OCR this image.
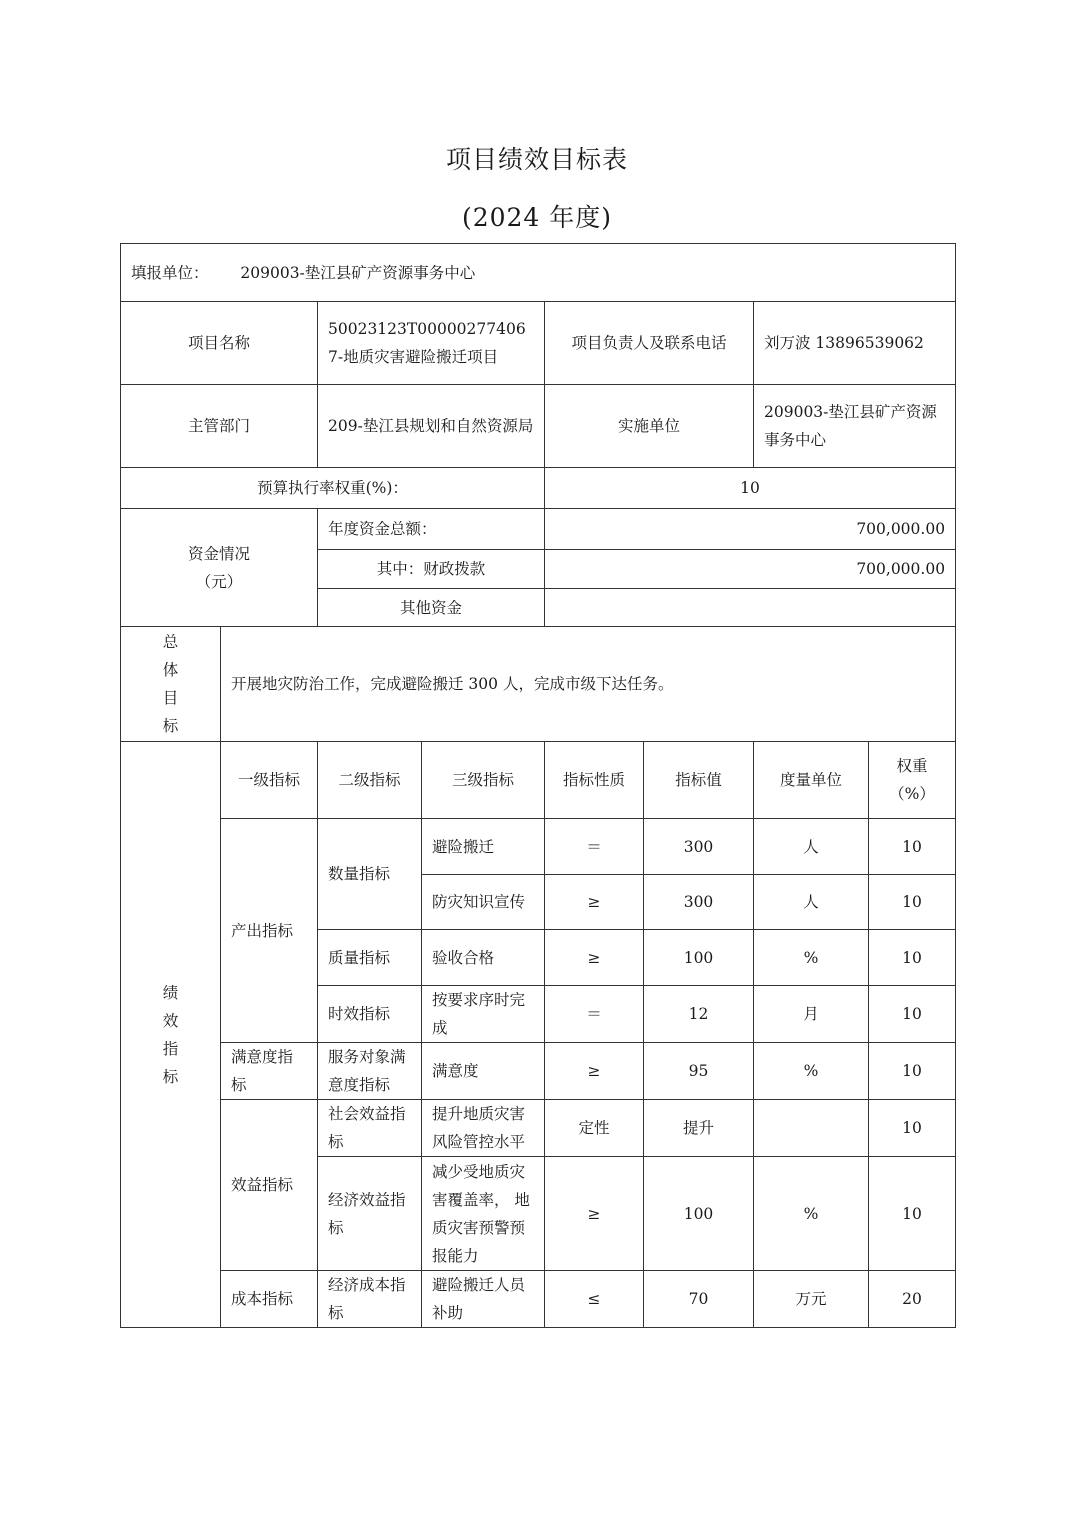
项目绩效目标表
(2024 年度)
填报单位： 209003-垫江县矿产资源事务中心							
项目名称		50023123T000002774067-地质灾害避险搬迁项目		项目负责人及联系电话		刘万波 13896539062	
主管部门		209-垫江县规划和自然资源局		实施单位		209003-垫江县矿产资源事务中心	
预算执行率权重(%)：				10			
资金情况（元）		年度资金总额：		700,000.00			
		其中：财政拨款		700,000.00			
		其他资金					

总体目标	开展地灾防治工作，完成避险搬迁 300 人，完成市级下达任务。						

绩效指标	一级指标	二级指标	三级指标	指标性质	指标值	度量单位	权重（%）
	产出指标	数量指标	避险搬迁	＝	300	人	10
			防灾知识宣传	≥	300	人	10
		质量指标	验收合格	≥	100	%	10
		时效指标	按要求序时完成	＝	12	月	10
	满意度指标	服务对象满意度指标	满意度	≥	95	%	10
	效益指标	社会效益指标	提升地质灾害风险管控水平	定性	提升		10
		经济效益指标	减少受地质灾害覆盖率， 地质灾害预警预报能力	≥	100	%	10
	成本指标	经济成本指标	避险搬迁人员补助	≤	70	万元	20
